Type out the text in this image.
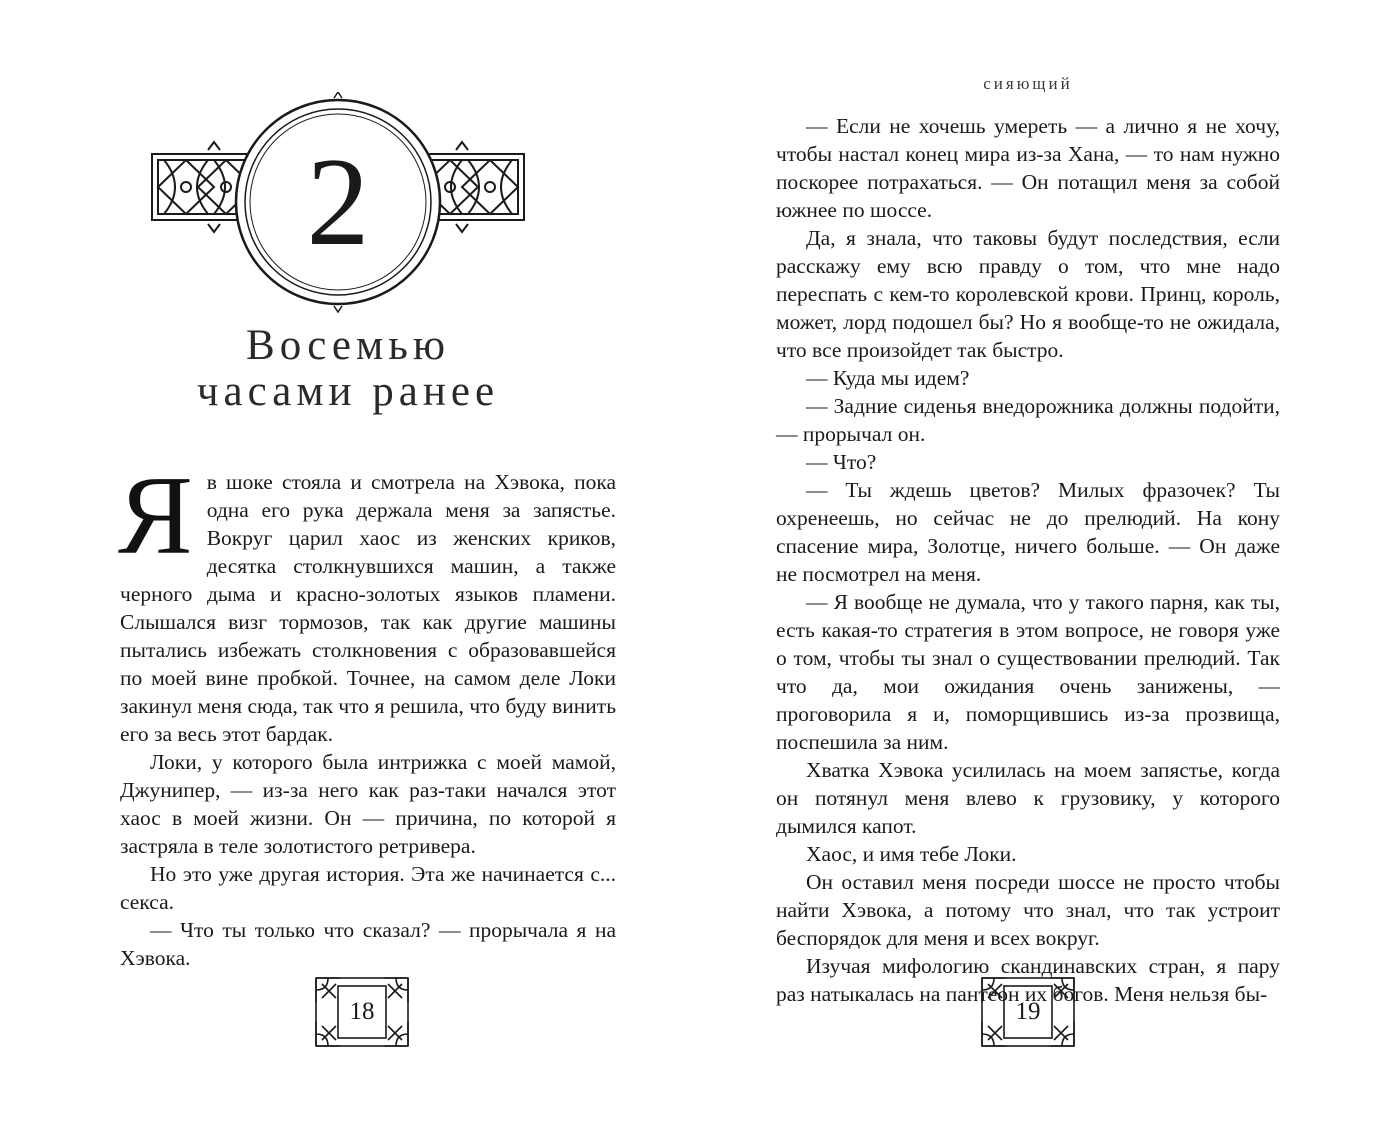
2
Восемью
часами ранее

Я в шоке стояла и смотрела на Хэвока, пока одна его рука держала меня за запястье. Вокруг царил хаос из женских криков, десятка столкнувшихся машин, а также черного дыма и красно-золотых языков пламени. Слышался визг тормозов, так как другие машины пытались избежать столкновения с образовавшейся по моей вине пробкой. Точнее, на самом деле Локи закинул меня сюда, так что я решила, что буду винить его за весь этот бардак.

Локи, у которого была интрижка с моей мамой, Джунипер, — из-за него как раз-таки начался этот хаос в моей жизни. Он — причина, по которой я застряла в теле золотистого ретривера.

Но это уже другая история. Эта же начинается с... секса.

— Что ты только что сказал? — прорычала я на Хэвока.

18
сияющий

— Если не хочешь умереть — а лично я не хочу, чтобы настал конец мира из-за Хана, — то нам нужно поскорее потрахаться. — Он потащил меня за собой южнее по шоссе.

Да, я знала, что таковы будут последствия, если расскажу ему всю правду о том, что мне надо переспать с кем-то королевской крови. Принц, король, может, лорд подошел бы? Но я вообще-то не ожидала, что все произойдет так быстро.

— Куда мы идем?

— Задние сиденья внедорожника должны подойти, — прорычал он.

— Что?

— Ты ждешь цветов? Милых фразочек? Ты охренеешь, но сейчас не до прелюдий. На кону спасение мира, Золотце, ничего больше. — Он даже не посмотрел на меня.

— Я вообще не думала, что у такого парня, как ты, есть какая-то стратегия в этом вопросе, не говоря уже о том, чтобы ты знал о существовании прелюдий. Так что да, мои ожидания очень занижены, — проговорила я и, поморщившись из-за прозвища, поспешила за ним.

Хватка Хэвока усилилась на моем запястье, когда он потянул меня влево к грузовику, у которого дымился капот.

Хаос, и имя тебе Локи.

Он оставил меня посреди шоссе не просто чтобы найти Хэвока, а потому что знал, что так устроит беспорядок для меня и всех вокруг.

Изучая мифологию скандинавских стран, я пару раз натыкалась на пантеон их богов. Меня нельзя бы-

19
